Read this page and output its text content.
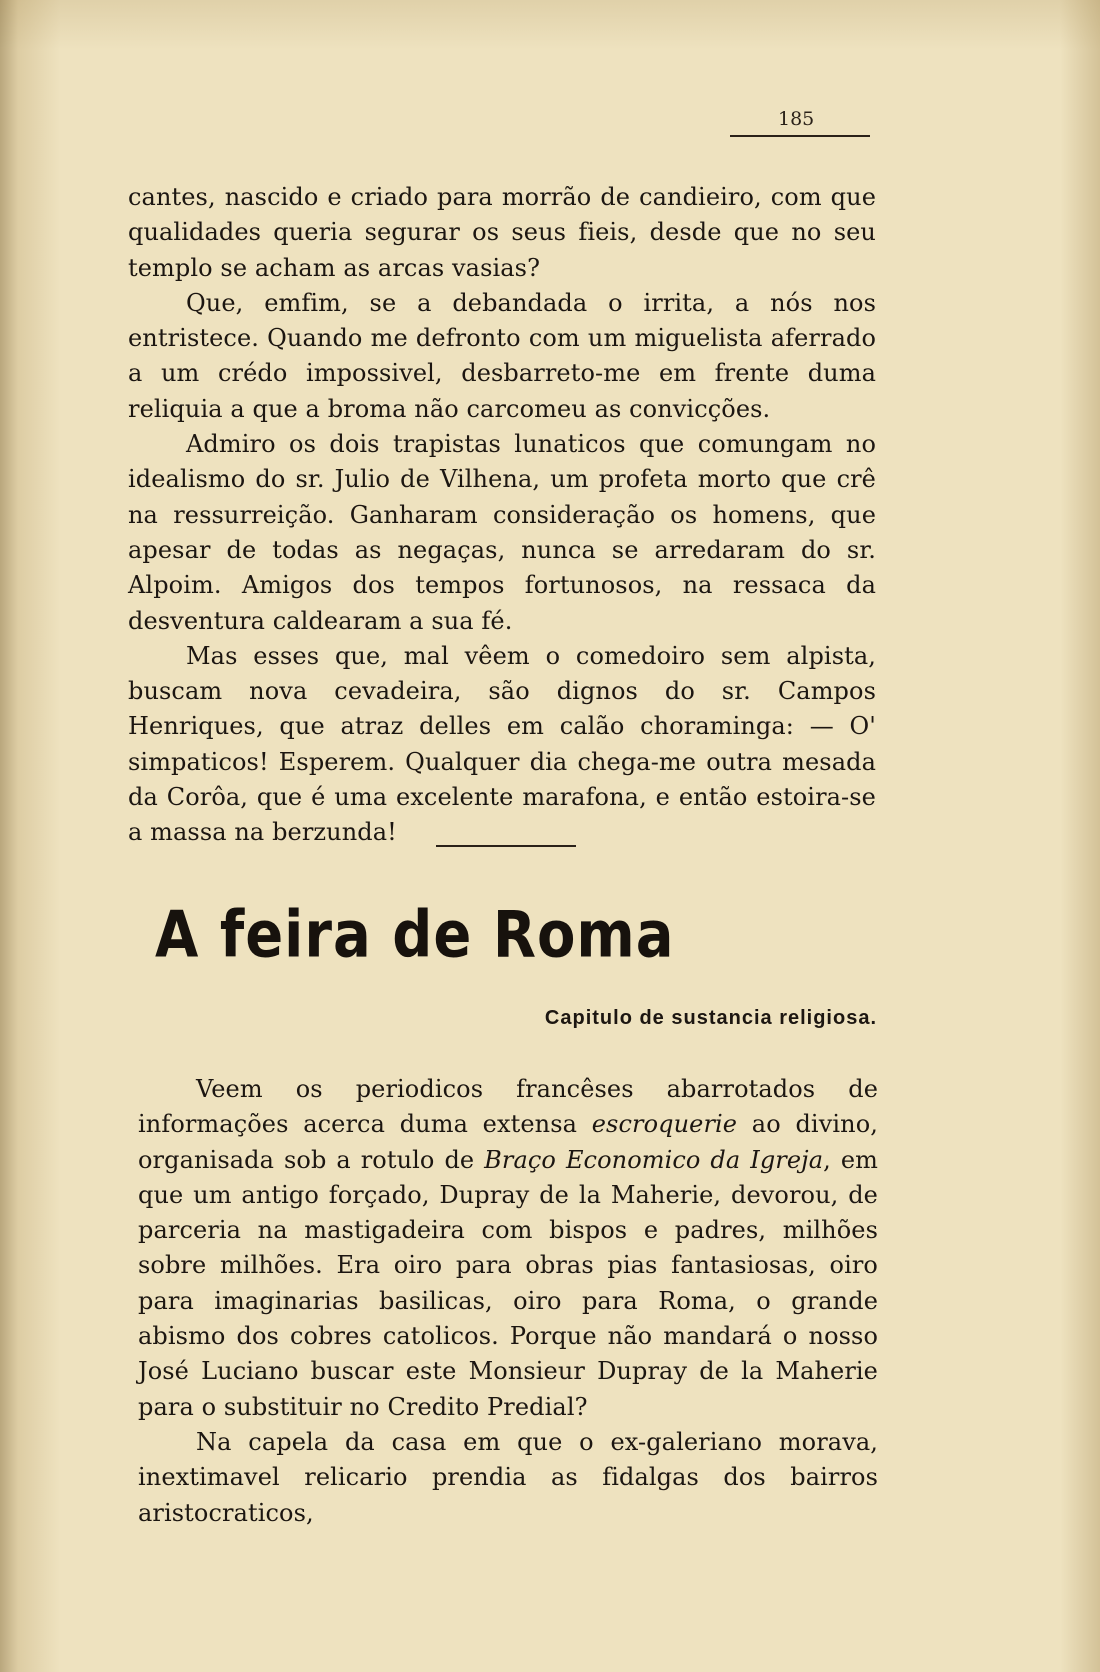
185

cantes, nascido e criado para morrão de candieiro, com que qualidades queria segurar os seus fieis, desde que no seu templo se acham as arcas vasias?

Que, emfim, se a debandada o irrita, a nós nos entristece. Quando me defronto com um miguelista aferrado a um crédo impossivel, desbarreto-me em frente duma reliquia a que a broma não carcomeu as convicções.

Admiro os dois trapistas lunaticos que comungam no idealismo do sr. Julio de Vilhena, um profeta morto que crê na ressurreição. Ganharam consideração os homens, que apesar de todas as negaças, nunca se arredaram do sr. Alpoim. Amigos dos tempos fortunosos, na ressaca da desventura caldearam a sua fé.

Mas esses que, mal vêem o comedoiro sem alpista, buscam nova cevadeira, são dignos do sr. Campos Henriques, que atraz delles em calão choraminga: — O' simpaticos! Esperem. Qualquer dia chega-me outra mesada da Corôa, que é uma excelente marafona, e então estoira-se a massa na berzunda!

A feira de Roma
Capitulo de sustancia religiosa.

Veem os periodicos francêses abarrotados de informações acerca duma extensa escroquerie ao divino, organisada sob a rotulo de Braço Economico da Igreja, em que um antigo forçado, Dupray de la Maherie, devorou, de parceria na mastigadeira com bispos e padres, milhões sobre milhões. Era oiro para obras pias fantasiosas, oiro para imaginarias basilicas, oiro para Roma, o grande abismo dos cobres catolicos. Porque não mandará o nosso José Luciano buscar este Monsieur Dupray de la Maherie para o substituir no Credito Predial?

Na capela da casa em que o ex-galeriano morava, inextimavel relicario prendia as fidalgas dos bairros aristocraticos,
